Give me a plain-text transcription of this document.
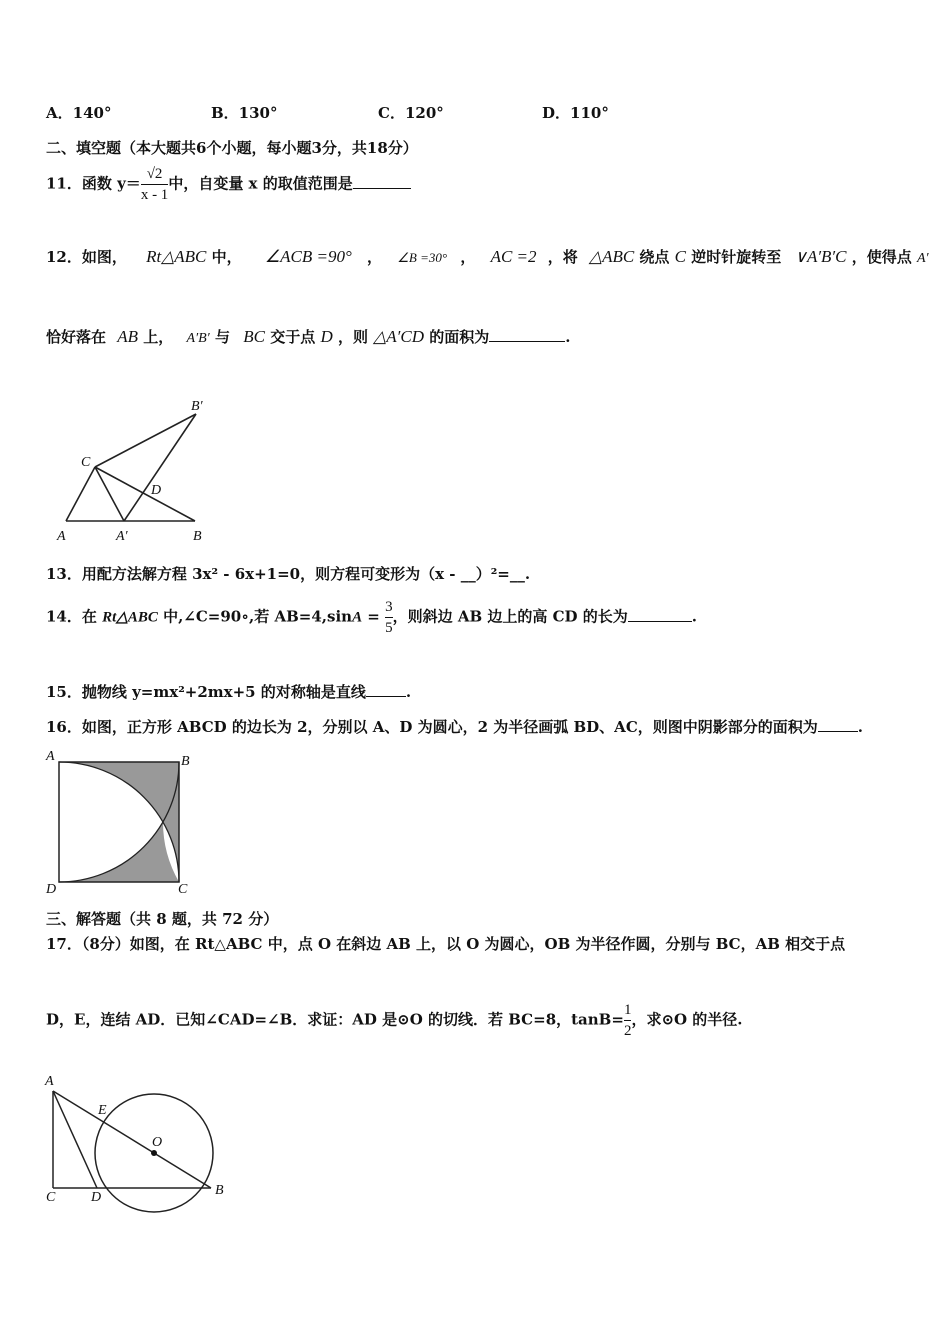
A．140°	B．130°	C．120°	D．110°
二、填空题（本大题共6个小题，每小题3分，共18分）
11．函数 $y= \frac{√2}{x - 1}$ 中，自变量 x 的取值范围是
12．如图， Rt△ABC 中， ∠ACB =90° ， ∠B =30° ， AC =2 ，将 △ABC 绕点 C 逆时针旋转至 ∨A′B′C ，使得点 A′
恰好落在 AB 上， A′B′ 与 BC 交于点 D ，则 △A′CD 的面积为	.
B′
C
D
A	A′	B
13．用配方法解方程 3x² - 6x+1=0，则方程可变形为（x - __）²=__.
14．在 Rt△ABC 中,∠C=90∘,若 $AB=4,\sin A = \frac{3}{5}$ ，则斜边 AB 边上的高 CD 的长为	.
15．抛物线 y=mx²+2mx+5 的对称轴是直线	.
16．如图，正方形 ABCD 的边长为 2，分别以 A、D 为圆心，2 为半径画弧 BD、AC，则图中阴影部分的面积为	.
A	B
C
D
三、解答题（共 8 题，共 72 分）
17．（8分）如图，在 Rt△ABC 中，点 O 在斜边 AB 上，以 O 为圆心，OB 为半径作圆，分别与 BC，AB 相交于点
D，E，连结 AD．已知∠CAD=∠B．求证：AD 是⊙O 的切线．若 BC=8，$\tan B= \frac{1}{2}$ ，求⊙O 的半径.
A
E
O
C	D	B
